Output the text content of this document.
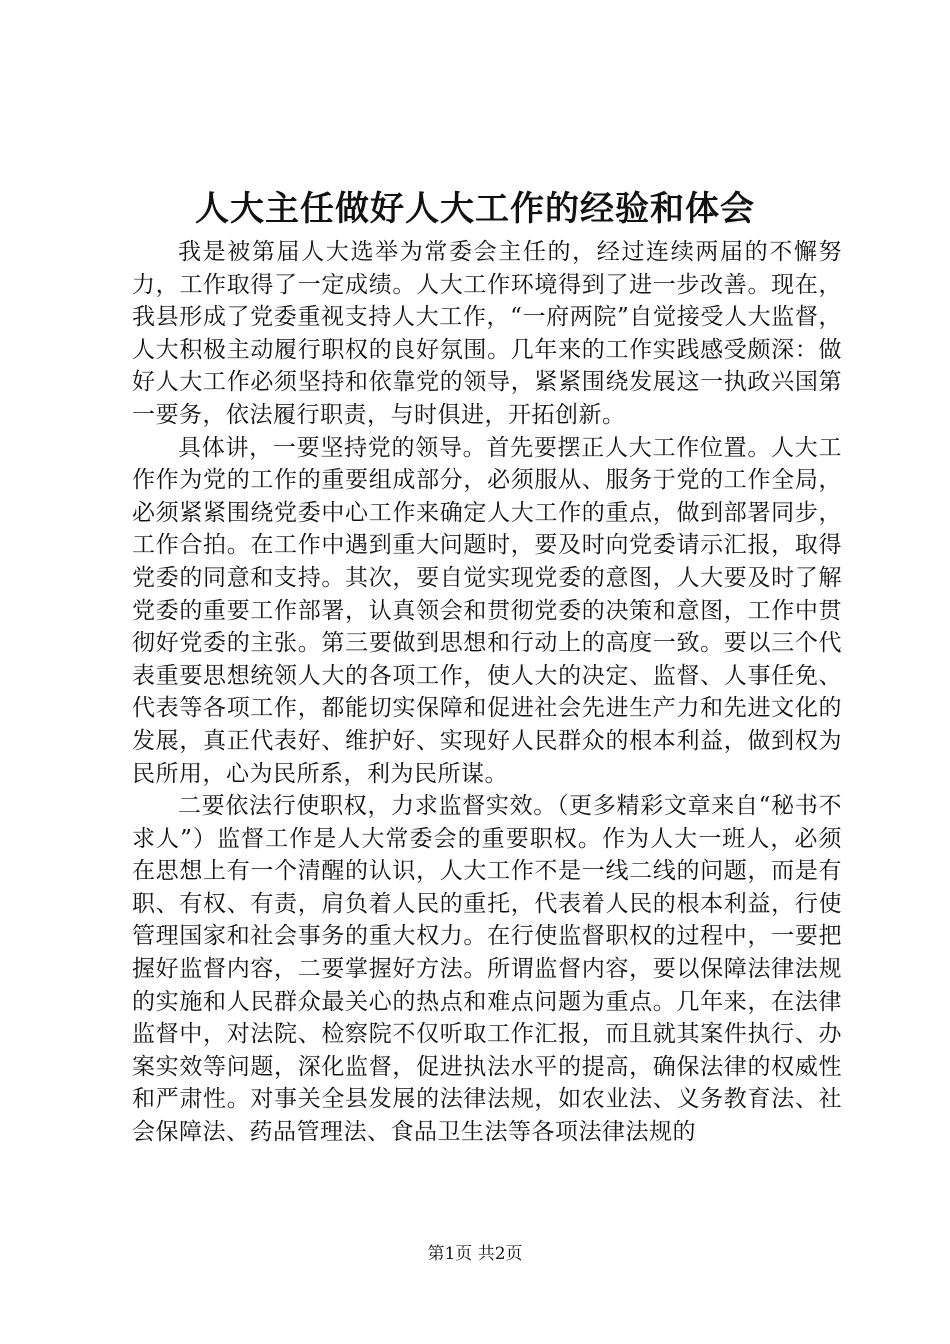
人大主任做好人大工作的经验和体会

我是被第届人大选举为常委会主任的，经过连续两届的不懈努力，工作取得了一定成绩。人大工作环境得到了进一步改善。现在，我县形成了党委重视支持人大工作，“一府两院”自觉接受人大监督，人大积极主动履行职权的良好氛围。几年来的工作实践感受颇深：做好人大工作必须坚持和依靠党的领导，紧紧围绕发展这一执政兴国第一要务，依法履行职责，与时俱进，开拓创新。

具体讲，一要坚持党的领导。首先要摆正人大工作位置。人大工作作为党的工作的重要组成部分，必须服从、服务于党的工作全局，必须紧紧围绕党委中心工作来确定人大工作的重点，做到部署同步，工作合拍。在工作中遇到重大问题时，要及时向党委请示汇报，取得党委的同意和支持。其次，要自觉实现党委的意图，人大要及时了解党委的重要工作部署，认真领会和贯彻党委的决策和意图，工作中贯彻好党委的主张。第三要做到思想和行动上的高度一致。要以三个代表重要思想统领人大的各项工作，使人大的决定、监督、人事任免、代表等各项工作，都能切实保障和促进社会先进生产力和先进文化的发展，真正代表好、维护好、实现好人民群众的根本利益，做到权为民所用，心为民所系，利为民所谋。

二要依法行使职权，力求监督实效。（更多精彩文章来自“秘书不求人”）监督工作是人大常委会的重要职权。作为人大一班人，必须在思想上有一个清醒的认识，人大工作不是一线二线的问题，而是有职、有权、有责，肩负着人民的重托，代表着人民的根本利益，行使管理国家和社会事务的重大权力。在行使监督职权的过程中，一要把握好监督内容，二要掌握好方法。所谓监督内容，要以保障法律法规的实施和人民群众最关心的热点和难点问题为重点。几年来，在法律监督中，对法院、检察院不仅听取工作汇报，而且就其案件执行、办案实效等问题，深化监督，促进执法水平的提高，确保法律的权威性和严肃性。对事关全县发展的法律法规，如农业法、义务教育法、社会保障法、药品管理法、食品卫生法等各项法律法规的

第1页 共2页
